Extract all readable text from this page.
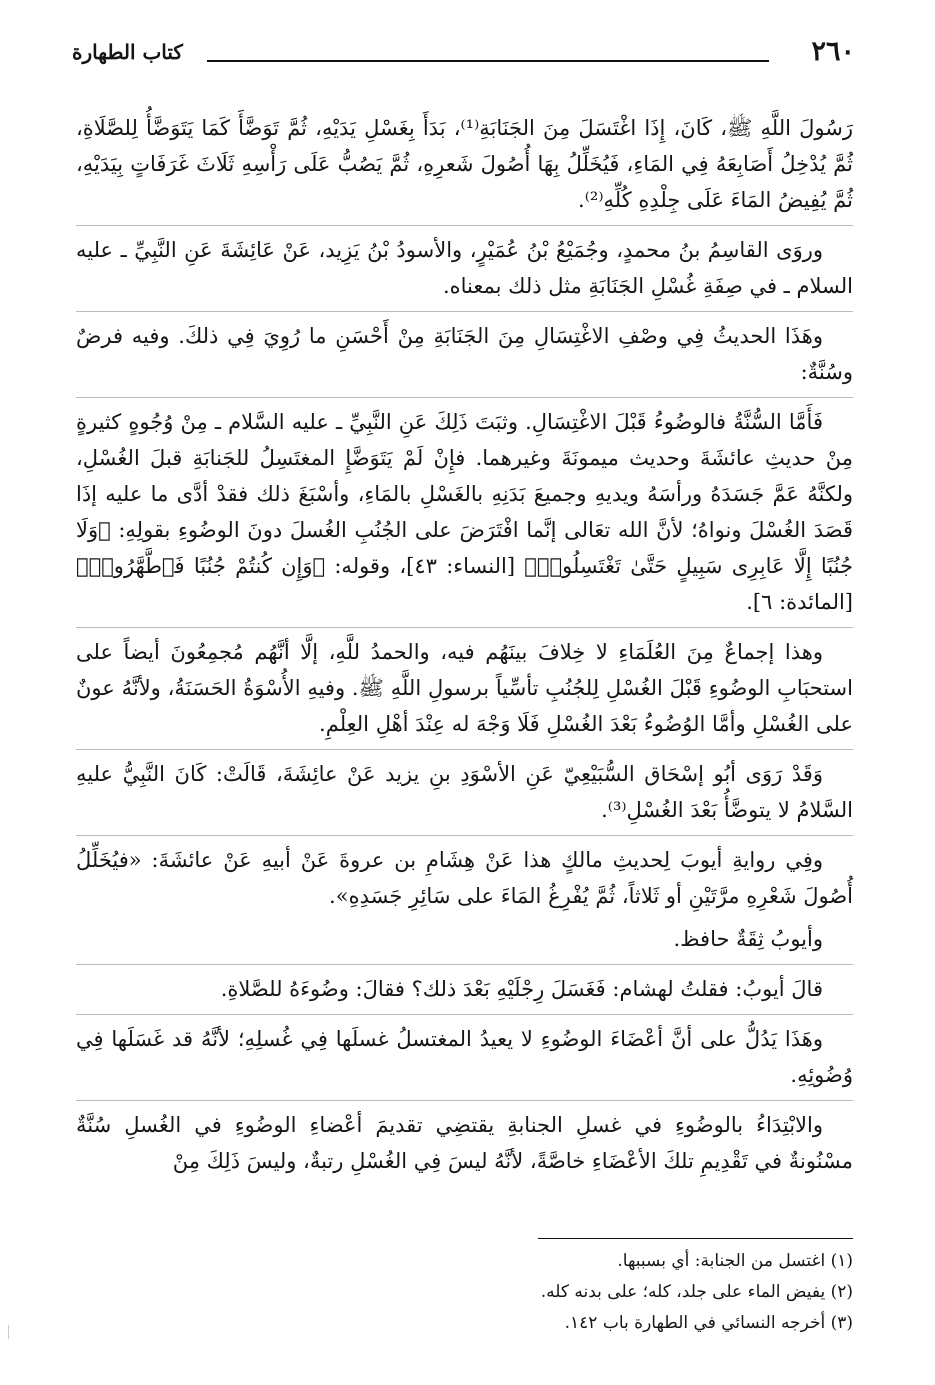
٢٦٠
كتاب الطهارة

رَسُولَ اللَّهِ ﷺ، كَانَ، إِذَا اغْتَسَلَ مِنَ الجَنَابَةِ⁽¹⁾، بَدَأَ بِغَسْلِ يَدَيْهِ، ثُمَّ تَوَضَّأَ كَمَا يَتَوَضَّأُ لِلصَّلَاةِ، ثُمَّ يُدْخِلُ أَصَابِعَهُ فِي المَاءِ، فَيُخَلِّلُ بِهَا أُصُولَ شَعرِهِ، ثُمَّ يَصُبُّ عَلَى رَأْسِهِ ثَلَاثَ غَرَفَاتٍ بِيَدَيْهِ، ثُمَّ يُفِيضُ المَاءَ عَلَى جِلْدِهِ كُلِّهِ⁽²⁾.

وروَى القاسِمُ بنُ محمدٍ، وجُمَيْعُ بْنُ عُمَيْرٍ، والأسودُ بْنُ يَزِيد، عَنْ عَائِشَةَ عَنِ النَّبِيِّ ـ عليه السلام ـ في صِفَةِ غُسْلِ الجَنَابَةِ مثل ذلك بمعناه.

وهَذَا الحديثُ فِي وصْفِ الاغْتِسَالِ مِنَ الجَنَابَةِ مِنْ أَحْسَنِ ما رُوِيَ فِي ذلكَ. وفيه فرضٌ وسُنَّةٌ:

فَأَمَّا السُّنَّةُ فالوضُوءُ قَبْلَ الاغْتِسَالِ. وثبَتَ ذَلِكَ عَنِ النَّبِيِّ ـ عليه السَّلام ـ مِنْ وُجُوهٍ كثيرةٍ مِنْ حديثِ عائشَةَ وحديث ميمونَةَ وغيرهما. فإِنْ لَمْ يَتَوَضَّإِ المغتَسِلُ للجَنابَةِ قبلَ الغُسْلِ، ولكنَّهُ عَمَّ جَسَدَهُ ورأسَهُ ويديهِ وجميعَ بَدَنِهِ بالغَسْلِ بالمَاءِ، وأسْبَغَ ذلك فقدْ أدَّى ما عليه إذَا قَصَدَ الغُسْلَ ونواهُ؛ لأنَّ الله تعَالى إنَّما افْتَرَضَ على الجُنُبِ الغُسلَ دونَ الوضُوءِ بقولِهِ: ﴿وَلَا جُنُبًا إِلَّا عَابِرِى سَبِيلٍ حَتَّىٰ تَغْتَسِلُوا۟﴾ [النساء: ٤٣]، وقوله: ﴿وَإِن كُنتُمْ جُنُبًا فَٱطَّهَّرُوا۟﴾ [المائدة: ٦].

وهذا إجماعٌ مِنَ العُلَمَاءِ لا خِلافَ بينَهُم فيه، والحمدُ للَّهِ، إلَّا أنَّهُم مُجمِعُونَ أيضاً على استحبَابِ الوضُوءِ قَبْلَ الغُسْلِ لِلجُنُبِ تأسِّياً برسولِ اللَّهِ ﷺ. وفيهِ الأُسْوَةُ الحَسَنَةُ، ولأنَّهُ عونٌ على الغُسْلِ وأمَّا الوُضُوءُ بَعْدَ الغُسْلِ فَلَا وَجْهَ له عِنْدَ أهْلِ العِلْمِ.

وَقَدْ رَوَى أبُو إسْحَاق السُّبَيْعِيّ عَنِ الأسْوَدِ بنِ يزيد عَنْ عائِشَةَ، قَالَتْ: كَانَ النَّبِيُّ عليهِ السَّلامُ لا يتوضَّأُ بَعْدَ الغُسْلِ⁽³⁾.

وفِي روايةِ أيوبَ لِحديثِ مالكٍ هذا عَنْ هِشَامِ بن عروةَ عَنْ أبيهِ عَنْ عائشَةَ: «فيُخَلِّلُ أُصُولَ شَعْرِهِ مرَّتَيْنِ أو ثَلاثاً، ثُمَّ يُفْرِغُ المَاءَ على سَائِرِ جَسَدِهِ».

وأيوبُ ثِقَةٌ حافظ.

قالَ أيوبُ: فقلتُ لهشام: فَغَسَلَ رِجْلَيْهِ بَعْدَ ذلك؟ فقالَ: وضُوءَهُ للصَّلاةِ.

وهَذَا يَدُلُّ على أنَّ أعْضَاءَ الوضُوءِ لا يعيدُ المغتسلُ غسلَها فِي غُسلِهِ؛ لأنَّهُ قد غَسَلَها فِي وُضُوئِهِ.

والابْتِدَاءُ بالوضُوءِ في غسلِ الجنابةِ يقتضِي تقديمَ أعْضاءِ الوضُوءِ في الغُسلِ سُنَّةٌ مسْنُونةٌ في تَقْدِيمِ تلكَ الأعْضَاءِ خاصَّةً، لأنَّهُ ليسَ فِي الغُسْلِ رتبةٌ، وليسَ ذَلِكَ مِنْ

(١) اغتسل من الجنابة: أي بسببها.

(٢) يفيض الماء على جلد، كله؛ على بدنه كله.

(٣) أخرجه النسائي في الطهارة باب ١٤٢.
